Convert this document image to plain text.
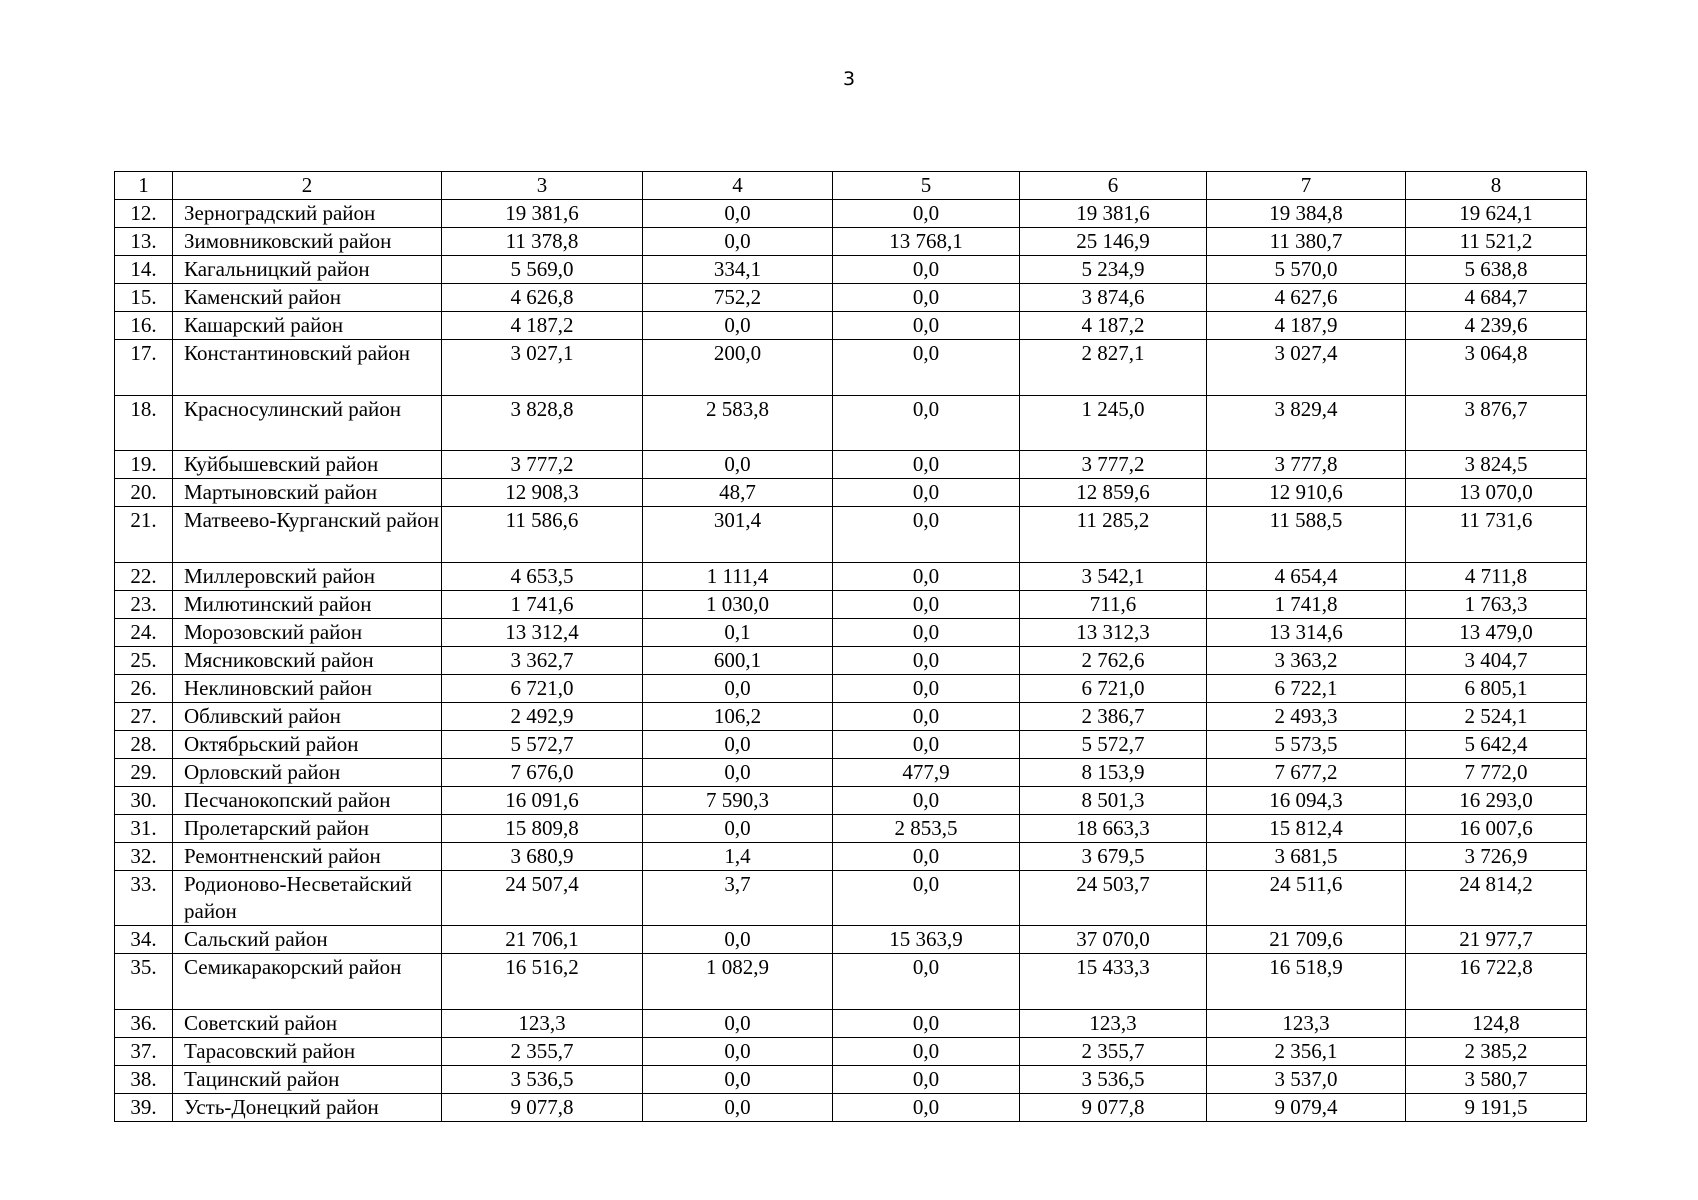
3
1	2	3	4	5	6	7	8
12.	Зерноградский район	19 381,6	0,0	0,0	19 381,6	19 384,8	19 624,1
13.	Зимовниковский район	11 378,8	0,0	13 768,1	25 146,9	11 380,7	11 521,2
14.	Кагальницкий район	5 569,0	334,1	0,0	5 234,9	5 570,0	5 638,8
15.	Каменский район	4 626,8	752,2	0,0	3 874,6	4 627,6	4 684,7
16.	Кашарский район	4 187,2	0,0	0,0	4 187,2	4 187,9	4 239,6
17.	Константиновский район	3 027,1	200,0	0,0	2 827,1	3 027,4	3 064,8
18.	Красносулинский район	3 828,8	2 583,8	0,0	1 245,0	3 829,4	3 876,7
19.	Куйбышевский район	3 777,2	0,0	0,0	3 777,2	3 777,8	3 824,5
20.	Мартыновский район	12 908,3	48,7	0,0	12 859,6	12 910,6	13 070,0
21.	Матвеево-Курганский район	11 586,6	301,4	0,0	11 285,2	11 588,5	11 731,6
22.	Миллеровский район	4 653,5	1 111,4	0,0	3 542,1	4 654,4	4 711,8
23.	Милютинский район	1 741,6	1 030,0	0,0	711,6	1 741,8	1 763,3
24.	Морозовский район	13 312,4	0,1	0,0	13 312,3	13 314,6	13 479,0
25.	Мясниковский район	3 362,7	600,1	0,0	2 762,6	3 363,2	3 404,7
26.	Неклиновский район	6 721,0	0,0	0,0	6 721,0	6 722,1	6 805,1
27.	Обливский район	2 492,9	106,2	0,0	2 386,7	2 493,3	2 524,1
28.	Октябрьский район	5 572,7	0,0	0,0	5 572,7	5 573,5	5 642,4
29.	Орловский район	7 676,0	0,0	477,9	8 153,9	7 677,2	7 772,0
30.	Песчанокопский район	16 091,6	7 590,3	0,0	8 501,3	16 094,3	16 293,0
31.	Пролетарский район	15 809,8	0,0	2 853,5	18 663,3	15 812,4	16 007,6
32.	Ремонтненский район	3 680,9	1,4	0,0	3 679,5	3 681,5	3 726,9
33.	Родионово-Несветайский район	24 507,4	3,7	0,0	24 503,7	24 511,6	24 814,2
34.	Сальский район	21 706,1	0,0	15 363,9	37 070,0	21 709,6	21 977,7
35.	Семикаракорский район	16 516,2	1 082,9	0,0	15 433,3	16 518,9	16 722,8
36.	Советский район	123,3	0,0	0,0	123,3	123,3	124,8
37.	Тарасовский район	2 355,7	0,0	0,0	2 355,7	2 356,1	2 385,2
38.	Тацинский район	3 536,5	0,0	0,0	3 536,5	3 537,0	3 580,7
39.	Усть-Донецкий район	9 077,8	0,0	0,0	9 077,8	9 079,4	9 191,5
